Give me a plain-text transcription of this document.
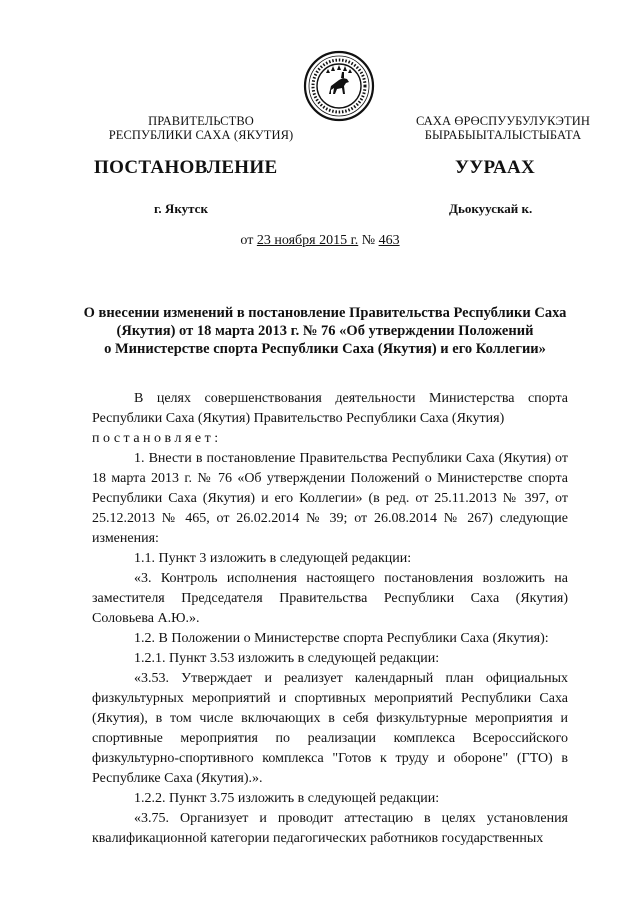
ПРАВИТЕЛЬСТВО
РЕСПУБЛИКИ САХА (ЯКУТИЯ)
САХА ӨРӨСПУУБУЛУКЭТИН
БЫРАБЫЫТАЛЫСТЫБАТА
ПОСТАНОВЛЕНИЕ	УУРААХ
г. Якутск	Дьокуускай к.
от 23 ноября 2015 г. № 463
О внесении изменений в постановление Правительства Республики Саха
(Якутия) от 18 марта 2013 г. № 76 «Об утверждении Положений
о Министерстве спорта Республики Саха (Якутия) и его Коллегии»

В целях совершенствования деятельности Министерства спорта Республики Саха (Якутия) Правительство Республики Саха (Якутия)

постановляет:

1. Внести в постановление Правительства Республики Саха (Якутия) от 18 марта 2013 г. № 76 «Об утверждении Положений о Министерстве спорта Республики Саха (Якутия) и его Коллегии» (в ред. от 25.11.2013 № 397, от 25.12.2013 № 465, от 26.02.2014 № 39; от 26.08.2014 № 267) следующие изменения:

1.1. Пункт 3 изложить в следующей редакции:

«3. Контроль исполнения настоящего постановления возложить на заместителя Председателя Правительства Республики Саха (Якутия) Соловьева А.Ю.».

1.2. В Положении о Министерстве спорта Республики Саха (Якутия):

1.2.1. Пункт 3.53 изложить в следующей редакции:

«3.53. Утверждает и реализует календарный план официальных физкультурных мероприятий и спортивных мероприятий Республики Саха (Якутия), в том числе включающих в себя физкультурные мероприятия и спортивные мероприятия по реализации комплекса Всероссийского физкультурно-спортивного комплекса "Готов к труду и обороне" (ГТО) в Республике Саха (Якутия).».

1.2.2. Пункт 3.75 изложить в следующей редакции:

«3.75. Организует и проводит аттестацию в целях установления квалификационной категории педагогических работников государственных
